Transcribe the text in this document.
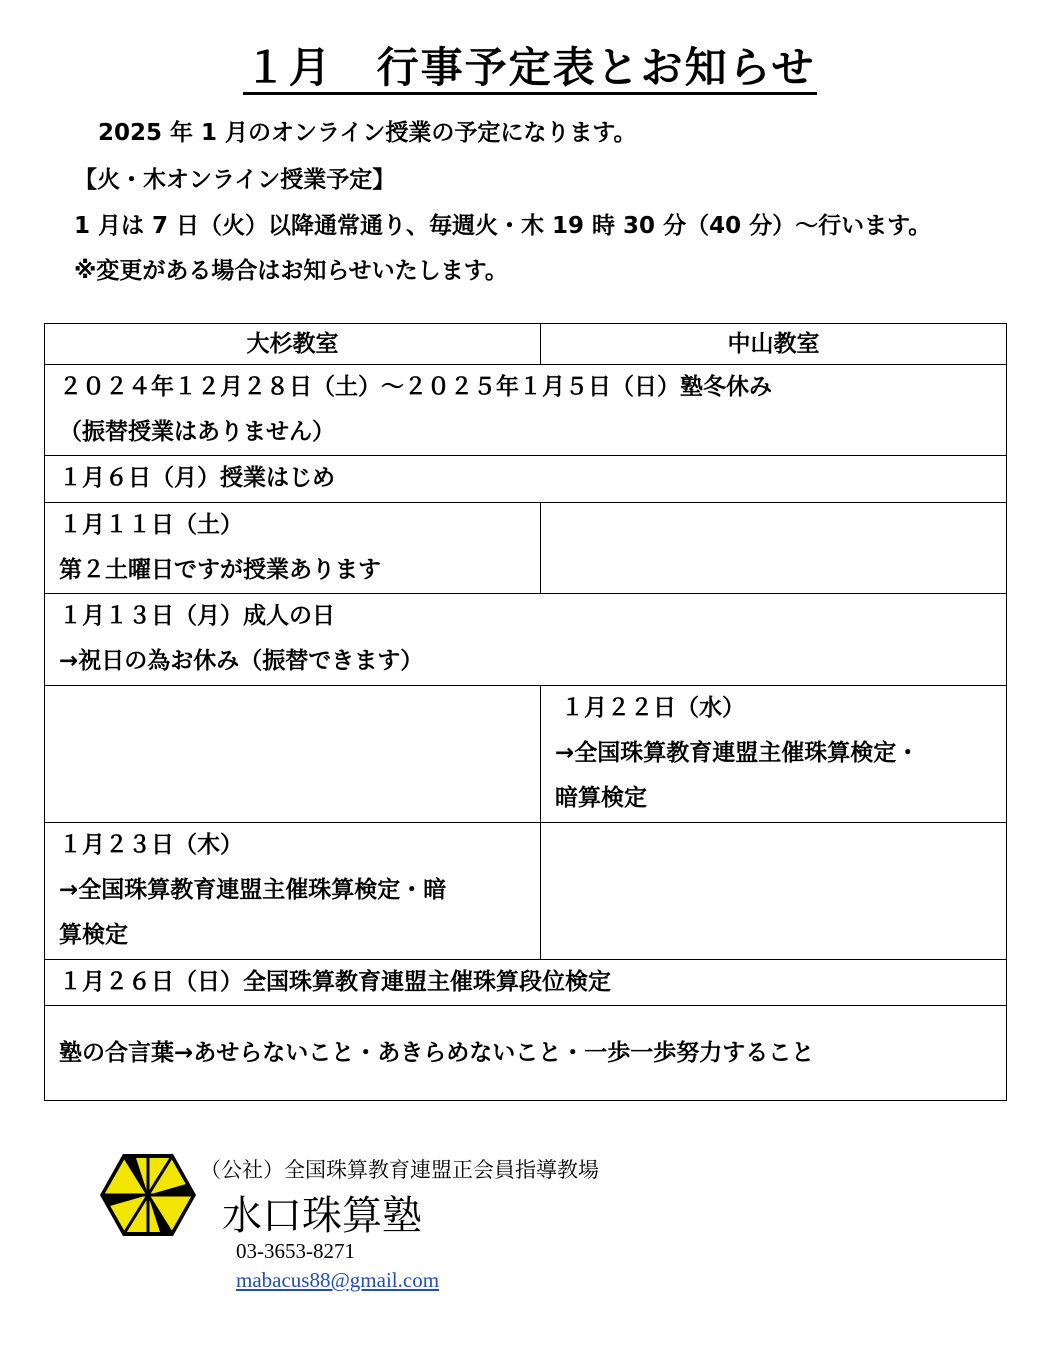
１月　行事予定表とお知らせ
2025 年 1 月のオンライン授業の予定になります。
【火・木オンライン授業予定】
1 月は 7 日（火）以降通常通り、毎週火・木 19 時 30 分（40 分）～行います。
※変更がある場合はお知らせいたします。
大杉教室	中山教室

２０２４年１２月２８日（土）～２０２５年１月５日（日）塾冬休み
（振替授業はありません）	

１月６日（月）授業はじめ	

１月１１日（土）
第２土曜日ですが授業あります	

１月１３日（月）成人の日
→祝日の為お休み（振替できます）	

	１月２２日（水）
→全国珠算教育連盟主催珠算検定・
暗算検定

１月２３日（木）
→全国珠算教育連盟主催珠算検定・暗
算検定	

１月２６日（日）全国珠算教育連盟主催珠算段位検定	

塾の合言葉→あせらないこと・あきらめないこと・一歩一歩努力すること	
（公社）全国珠算教育連盟正会員指導教場
水口珠算塾
03-3653-8271
mabacus88@gmail.com
